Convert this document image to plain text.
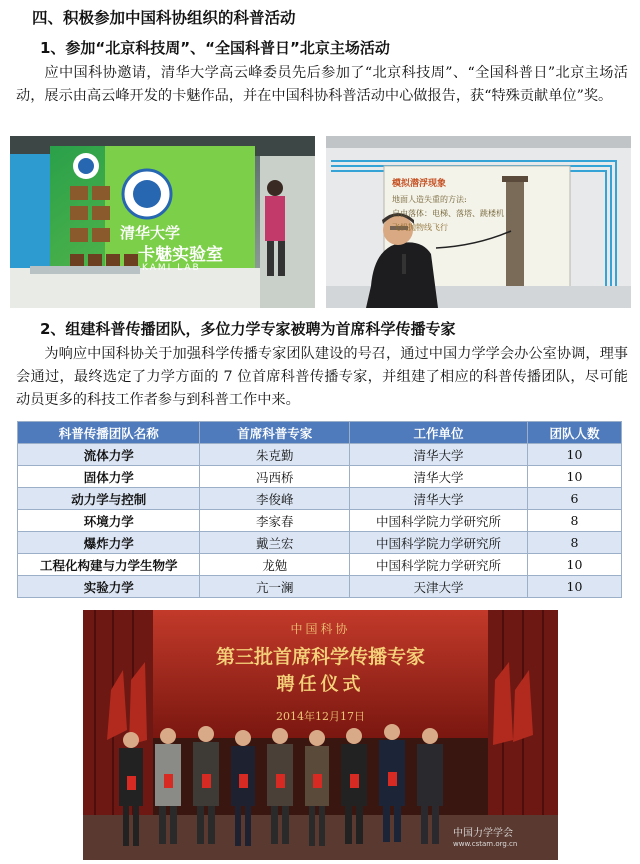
四、积极参加中国科协组织的科普活动
1、参加“北京科技周”、“全国科普日”北京主场活动

应中国科协邀请，清华大学高云峰委员先后参加了“北京科技周”、“全国科普日”北京主场活动，展示由高云峰开发的卡魅作品，并在中国科协科普活动中心做报告，获“特殊贡献单位”奖。

清华大学
卡魅实验室
KAMI LAB
模拟潜浮现象
地面人造失重的方法:
自由落体：电梯、落塔、跳楼机
飞机抛物线飞行
2、组建科普传播团队，多位力学专家被聘为首席科学传播专家

为响应中国科协关于加强科学传播专家团队建设的号召，通过中国力学学会办公室协调，理事会通过，最终选定了力学方面的 7 位首席科普传播专家，并组建了相应的科普传播团队，尽可能动员更多的科技工作者参与到科普工作中来。

科普传播团队名称	首席科普专家	工作单位	团队人数
流体力学	朱克勤	清华大学	10
固体力学	冯西桥	清华大学	10
动力学与控制	李俊峰	清华大学	6
环境力学	李家春	中国科学院力学研究所	8
爆炸力学	戴兰宏	中国科学院力学研究所	8
工程化构建与力学生物学	龙勉	中国科学院力学研究所	10
实验力学	亢一澜	天津大学	10
中国科协
第三批首席科学传播专家
聘任仪式
2014年12月17日
中国力学学会
www.cstam.org.cn
